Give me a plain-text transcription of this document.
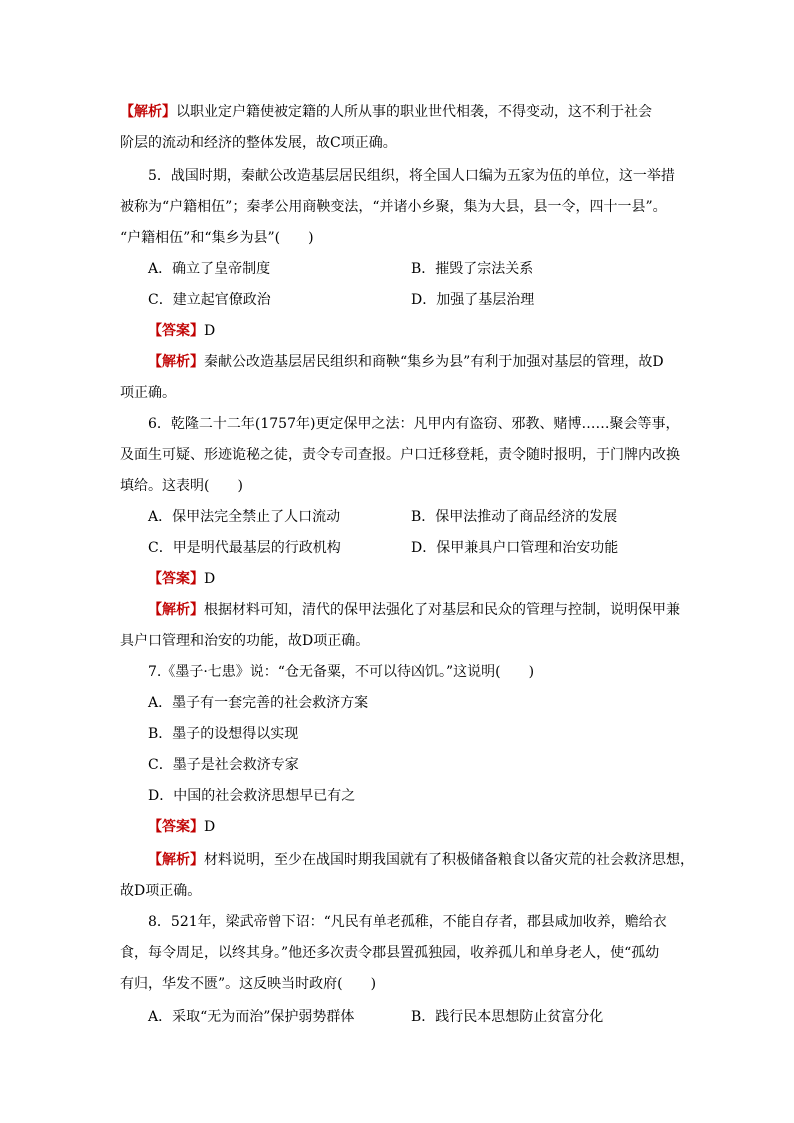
【解析】以职业定户籍使被定籍的人所从事的职业世代相袭，不得变动，这不利于社会
阶层的流动和经济的整体发展，故C项正确。
5．战国时期，秦献公改造基层居民组织，将全国人口编为五家为伍的单位，这一举措
被称为“户籍相伍”；秦孝公用商鞅变法，“并诸小乡聚，集为大县，县一令，四十一县”。
“户籍相伍”和“集乡为县”(　　)
A．确立了皇帝制度	B．摧毁了宗法关系
C．建立起官僚政治	D．加强了基层治理
【答案】D
【解析】秦献公改造基层居民组织和商鞅“集乡为县”有利于加强对基层的管理，故D
项正确。
6．乾隆二十二年(1757年)更定保甲之法：凡甲内有盗窃、邪教、赌博……聚会等事，
及面生可疑、形迹诡秘之徒，责令专司查报。户口迁移登耗，责令随时报明，于门牌内改换
填给。这表明(　　)
A．保甲法完全禁止了人口流动	B．保甲法推动了商品经济的发展
C．甲是明代最基层的行政机构	D．保甲兼具户口管理和治安功能
【答案】D
【解析】根据材料可知，清代的保甲法强化了对基层和民众的管理与控制，说明保甲兼
具户口管理和治安的功能，故D项正确。
7.《墨子·七患》说：“仓无备粟，不可以待凶饥。”这说明(　　)
A．墨子有一套完善的社会救济方案
B．墨子的设想得以实现
C．墨子是社会救济专家
D．中国的社会救济思想早已有之
【答案】D
【解析】材料说明，至少在战国时期我国就有了积极储备粮食以备灾荒的社会救济思想，
故D项正确。
8．521年，梁武帝曾下诏：“凡民有单老孤稚，不能自存者，郡县咸加收养，赡给衣
食，每令周足，以终其身。”他还多次责令郡县置孤独园，收养孤儿和单身老人，使“孤幼
有归，华发不匮”。这反映当时政府(　　)
A．采取“无为而治”保护弱势群体	B．践行民本思想防止贫富分化
